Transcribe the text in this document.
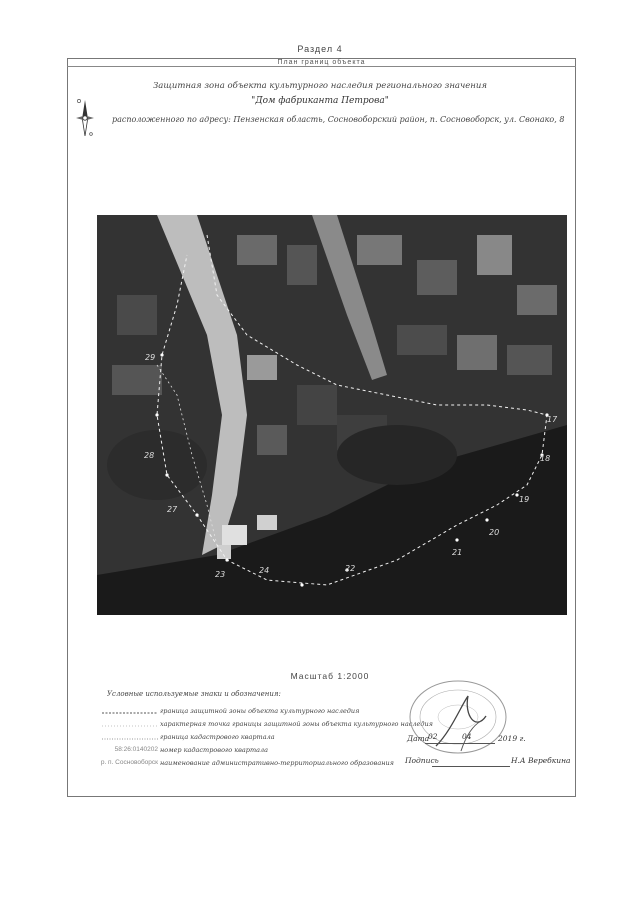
Раздел 4
План границ объекта
Защитная зона объекта культурного наследия регионального значения
"Дом фабриканта Петрова"
расположенного по адресу: Пензенская область, Сосновоборский район, п. Сосновоборск, ул. Свонако, 8
17
18
19
20
21
22
23	24
27
28
29
Масштаб 1:2000
Условные используемые знаки и обозначения:
граница защитной зоны объекта культурного наследия
характерная точка границы защитной зоны объекта культурного наследия
граница кадастрового квартала
58:26:0140202 номер кадастрового квартала
р. п. Сосновоборск наименование административно-территориального образования
Дата
02	04	2019 г.
Подпись	Н.А Веребкина
